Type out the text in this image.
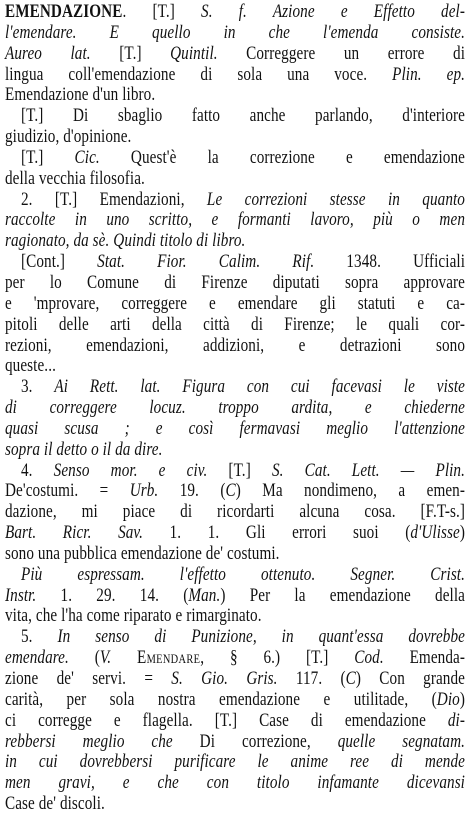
EMENDAZIONE. [T.] S. f. Azione e Effetto del-
l'emendare. E quello in che l'emenda consiste.
Aureo lat. [T.] Quintil. Correggere un errore di
lingua coll'emendazione di sola una voce. Plin. ep.
Emendazione d'un libro.
[T.] Di sbaglio fatto anche parlando, d'interiore
giudizio, d'opinione.
[T.] Cic. Quest'è la correzione e emendazione
della vecchia filosofia.
2. [T.] Emendazioni, Le correzioni stesse in quanto
raccolte in uno scritto, e formanti lavoro, più o men
ragionato, da sè. Quindi titolo di libro.
[Cont.] Stat. Fior. Calim. Rif. 1348. Ufficiali
per lo Comune di Firenze diputati sopra approvare
e 'mprovare, correggere e emendare gli statuti e ca-
pitoli delle arti della città di Firenze; le quali cor-
rezioni, emendazioni, addizioni, e detrazioni sono
queste...
3. Ai Rett. lat. Figura con cui facevasi le viste
di correggere locuz. troppo ardita, e chiederne
quasi scusa ; e così fermavasi meglio l'attenzione
sopra il detto o il da dire.
4. Senso mor. e civ. [T.] S. Cat. Lett. — Plin.
De'costumi. = Urb. 19. (C) Ma nondimeno, a emen-
dazione, mi piace di ricordarti alcuna cosa. [F.T-s.]
Bart. Ricr. Sav. 1. 1. Gli errori suoi (d'Ulisse)
sono una pubblica emendazione de' costumi.
Più espressam. l'effetto ottenuto. Segner. Crist.
Instr. 1. 29. 14. (Man.) Per la emendazione della
vita, che l'ha come riparato e rimarginato.
5. In senso di Punizione, in quant'essa dovrebbe
emendare. (V. Emendare, § 6.) [T.] Cod. Emenda-
zione de' servi. = S. Gio. Gris. 117. (C) Con grande
carità, per sola nostra emendazione e utilitade, (Dio)
ci corregge e flagella. [T.] Case di emendazione di-
rebbersi meglio che Di correzione, quelle segnatam.
in cui dovrebbersi purificare le anime ree di mende
men gravi, e che con titolo infamante dicevansi
Case de' discoli.
